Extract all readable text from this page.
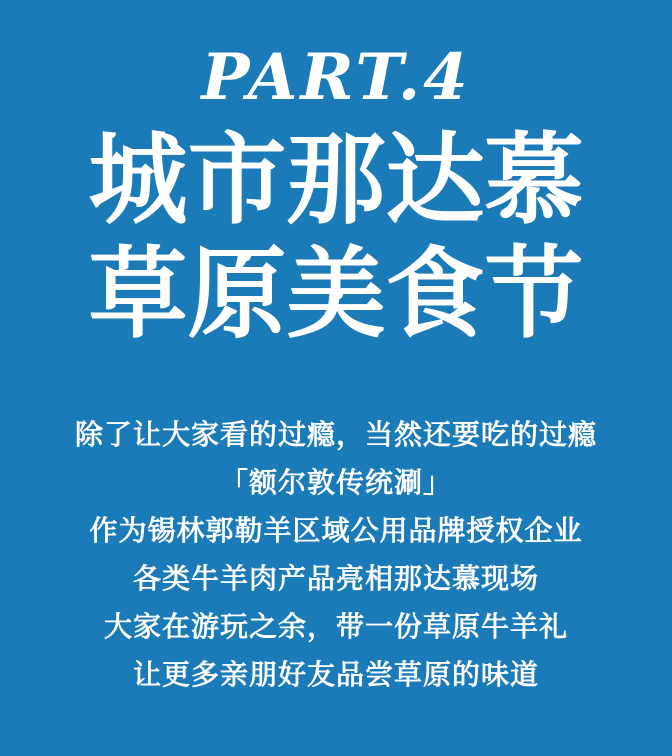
PART.4
城市那达慕
草原美食节

除了让大家看的过瘾，当然还要吃的过瘾

「额尔敦传统涮」

作为锡林郭勒羊区域公用品牌授权企业

各类牛羊肉产品亮相那达慕现场

大家在游玩之余，带一份草原牛羊礼

让更多亲朋好友品尝草原的味道
